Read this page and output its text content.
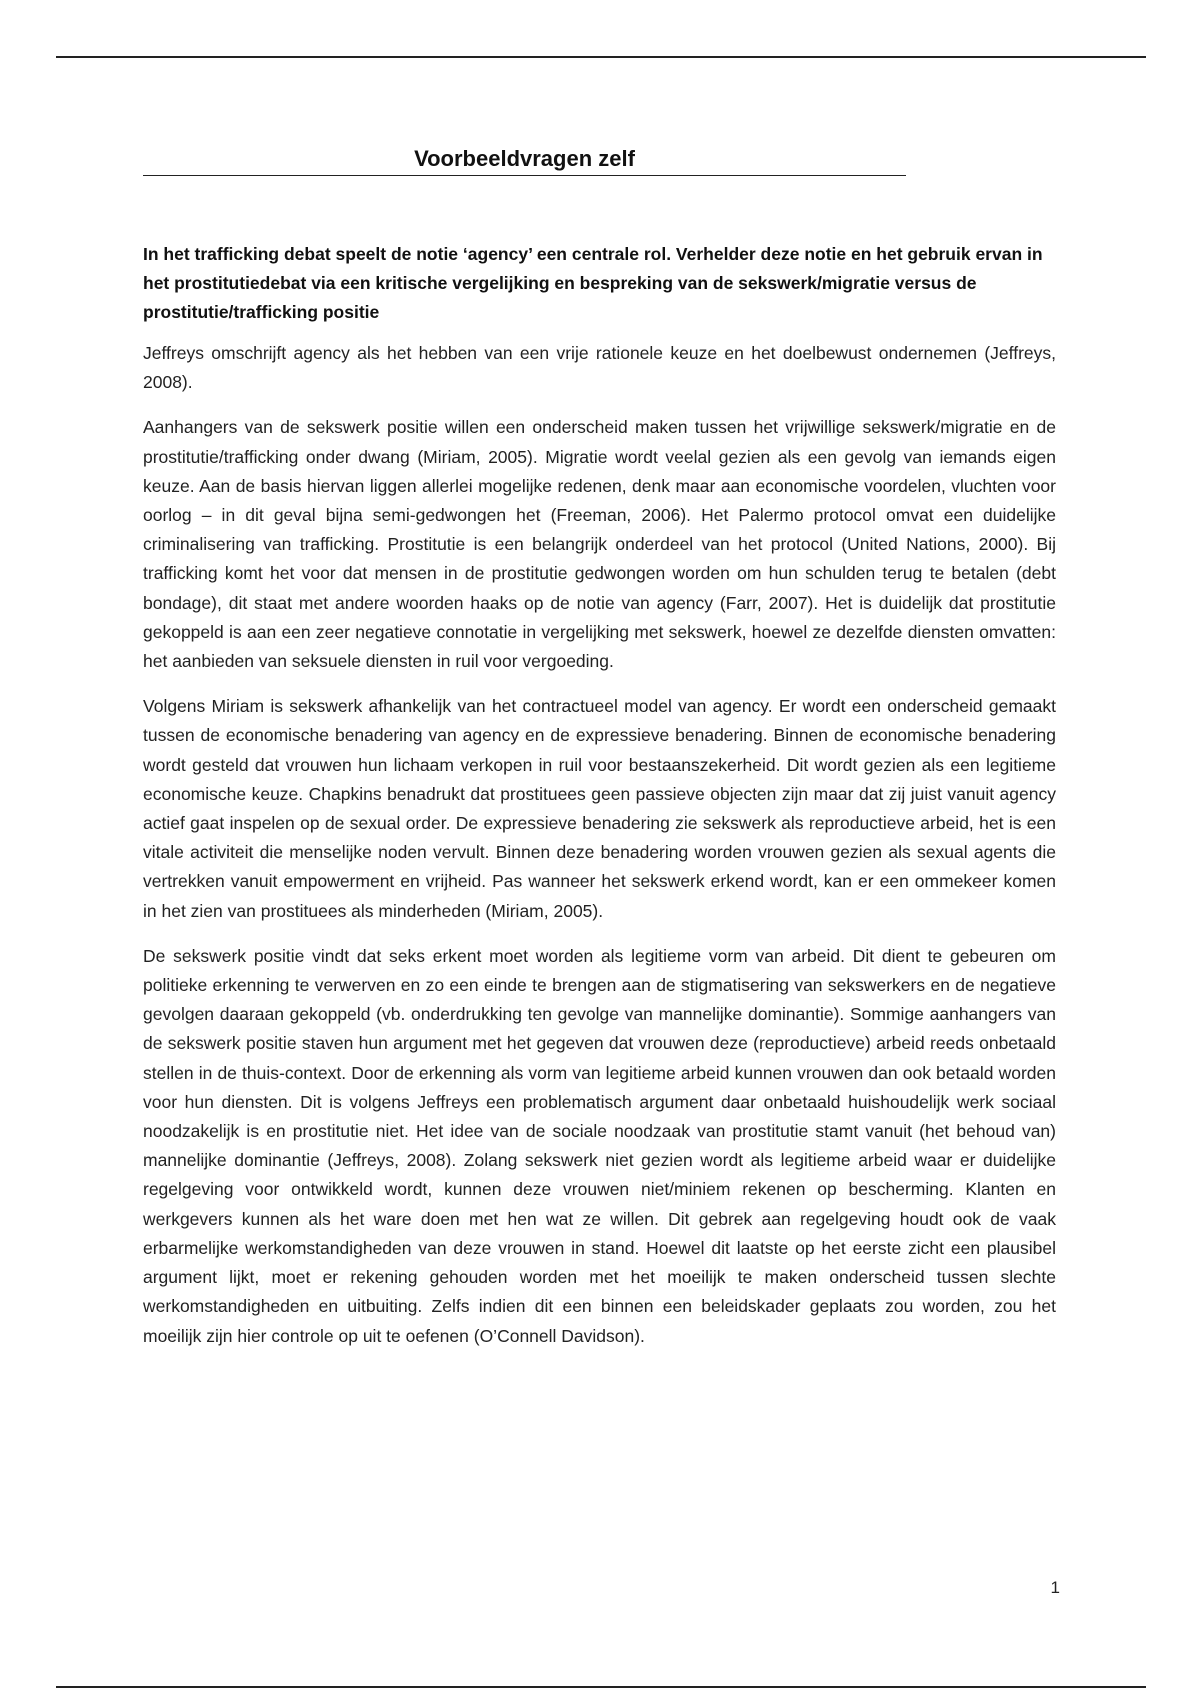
Voorbeeldvragen zelf

In het trafficking debat speelt de notie ‘agency’ een centrale rol. Verhelder deze notie en het gebruik ervan in het prostitutiedebat via een kritische vergelijking en bespreking van de sekswerk/migratie versus de prostitutie/trafficking positie

Jeffreys omschrijft agency als het hebben van een vrije rationele keuze en het doelbewust ondernemen (Jeffreys, 2008).

Aanhangers van de sekswerk positie willen een onderscheid maken tussen het vrijwillige sekswerk/migratie en de prostitutie/trafficking onder dwang (Miriam, 2005). Migratie wordt veelal gezien als een gevolg van iemands eigen keuze. Aan de basis hiervan liggen allerlei mogelijke redenen, denk maar aan economische voordelen, vluchten voor oorlog – in dit geval bijna semi-gedwongen het (Freeman, 2006). Het Palermo protocol omvat een duidelijke criminalisering van trafficking. Prostitutie is een belangrijk onderdeel van het protocol (United Nations, 2000). Bij trafficking komt het voor dat mensen in de prostitutie gedwongen worden om hun schulden terug te betalen (debt bondage), dit staat met andere woorden haaks op de notie van agency (Farr, 2007). Het is duidelijk dat prostitutie gekoppeld is aan een zeer negatieve connotatie in vergelijking met sekswerk, hoewel ze dezelfde diensten omvatten: het aanbieden van seksuele diensten in ruil voor vergoeding.

Volgens Miriam is sekswerk afhankelijk van het contractueel model van agency. Er wordt een onderscheid gemaakt tussen de economische benadering van agency en de expressieve benadering. Binnen de economische benadering wordt gesteld dat vrouwen hun lichaam verkopen in ruil voor bestaanszekerheid. Dit wordt gezien als een legitieme economische keuze. Chapkins benadrukt dat prostituees geen passieve objecten zijn maar dat zij juist vanuit agency actief gaat inspelen op de sexual order. De expressieve benadering zie sekswerk als reproductieve arbeid, het is een vitale activiteit die menselijke noden vervult. Binnen deze benadering worden vrouwen gezien als sexual agents die vertrekken vanuit empowerment en vrijheid. Pas wanneer het sekswerk erkend wordt, kan er een ommekeer komen in het zien van prostituees als minderheden (Miriam, 2005).

De sekswerk positie vindt dat seks erkent moet worden als legitieme vorm van arbeid. Dit dient te gebeuren om politieke erkenning te verwerven en zo een einde te brengen aan de stigmatisering van sekswerkers en de negatieve gevolgen daaraan gekoppeld (vb. onderdrukking ten gevolge van mannelijke dominantie). Sommige aanhangers van de sekswerk positie staven hun argument met het gegeven dat vrouwen deze (reproductieve) arbeid reeds onbetaald stellen in de thuis-context. Door de erkenning als vorm van legitieme arbeid kunnen vrouwen dan ook betaald worden voor hun diensten. Dit is volgens Jeffreys een problematisch argument daar onbetaald huishoudelijk werk sociaal noodzakelijk is en prostitutie niet. Het idee van de sociale noodzaak van prostitutie stamt vanuit (het behoud van) mannelijke dominantie (Jeffreys, 2008). Zolang sekswerk niet gezien wordt als legitieme arbeid waar er duidelijke regelgeving voor ontwikkeld wordt, kunnen deze vrouwen niet/miniem rekenen op bescherming. Klanten en werkgevers kunnen als het ware doen met hen wat ze willen. Dit gebrek aan regelgeving houdt ook de vaak erbarmelijke werkomstandigheden van deze vrouwen in stand. Hoewel dit laatste op het eerste zicht een plausibel argument lijkt, moet er rekening gehouden worden met het moeilijk te maken onderscheid tussen slechte werkomstandigheden en uitbuiting. Zelfs indien dit een binnen een beleidskader geplaats zou worden, zou het moeilijk zijn hier controle op uit te oefenen (O’Connell Davidson).

1
